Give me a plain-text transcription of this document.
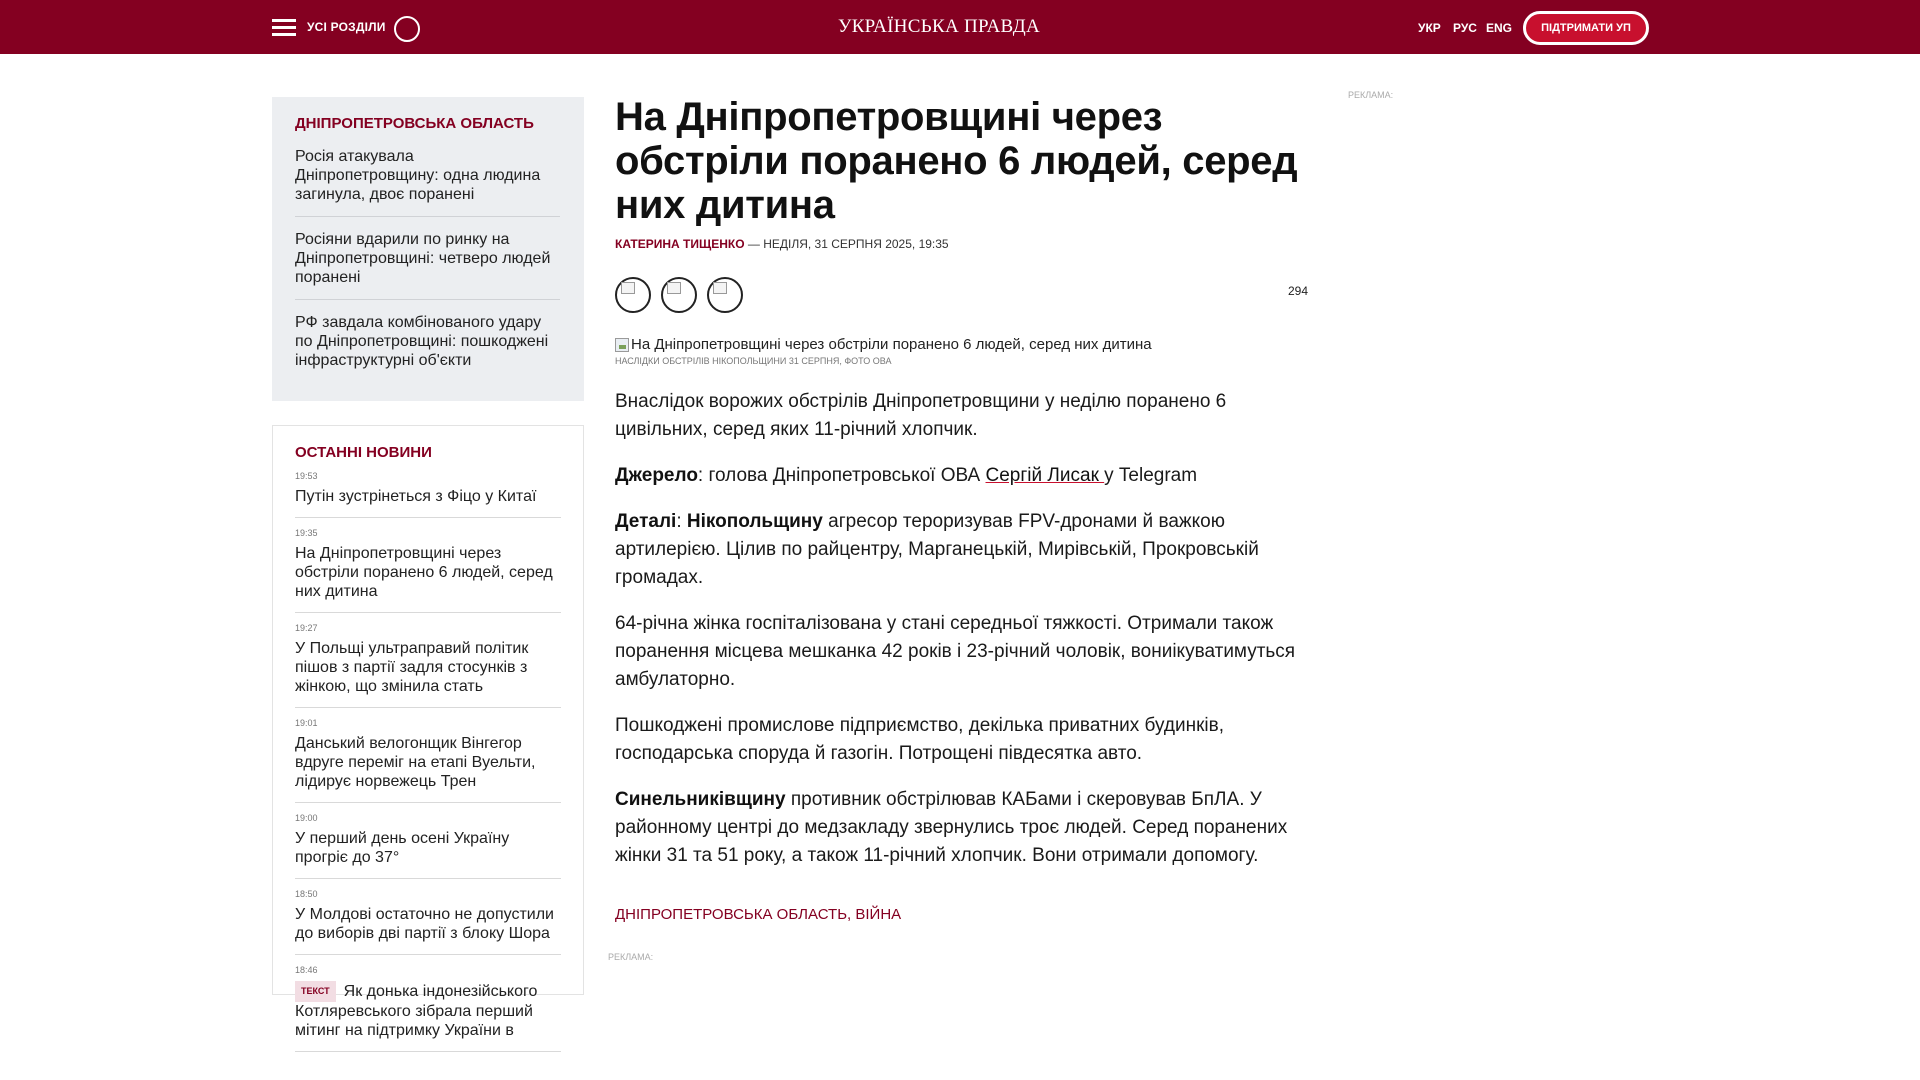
УСІ РОЗДІЛИ	УКРАЇНСЬКА ПРАВДА	УКР РУС ENG	ПІДТРИМАТИ УП
ДНІПРОПЕТРОВСЬКА ОБЛАСТЬ
Росія атакувала Дніпропетровщину: одна людина загинула, двоє поранені
Росіяни вдарили по ринку на Дніпропетровщині: четверо людей поранені
РФ завдала комбінованого удару по Дніпропетровщині: пошкоджені інфраструктурні об'єкти
ОСТАННІ НОВИНИ
19:53
Путін зустрінеться з Фіцо у Китаї
19:35
На Дніпропетровщині через обстріли поранено 6 людей, серед них дитина
19:27
У Польщі ультраправий політик пішов з партії задля стосунків з жінкою, що змінила стать
19:01
Данський велогонщик Вінгегор вдруге переміг на етапі Вуельти, лідирує норвежець Трен
19:00
У перший день осені Україну прогріє до 37°
18:50
У Молдові остаточно не допустили до виборів дві партії з блоку Шора
18:46
ТЕКСТ Як донька індонезійського Котляревського зібрала перший мітинг на підтримку України в
На Дніпропетровщині через обстріли поранено 6 людей, серед них дитина
КАТЕРИНА ТИЩЕНКО — НЕДІЛЯ, 31 СЕРПНЯ 2025, 19:35
294
На Дніпропетровщині через обстріли поранено 6 людей, серед них дитина
НАСЛІДКИ ОБСТРІЛІВ НІКОПОЛЬЩИНИ 31 СЕРПНЯ, ФОТО ОВА

Внаслідок ворожих обстрілів Дніпропетровщини у неділю поранено 6 цивільних, серед яких 11-річний хлопчик.

Джерело: голова Дніпропетровської ОВА Сергій Лисак у Telegram

Деталі: Нікопольщину агресор тероризував FPV-дронами й важкою артилерією. Цілив по райцентру, Марганецькій, Мирівській, Прокровській громадах.

64-річна жінка госпіталізована у стані середньої тяжкості. Отримали також поранення місцева мешканка 42 років і 23-річний чоловік, вониікуватимуться амбулаторно.

Пошкоджені промислове підприємство, декілька приватних будинків, господарська споруда й газогін. Потрощені півдесятка авто.

Синельниківщину противник обстрілював КАБами і скеровував БпЛА. У районному центрі до медзакладу звернулись троє людей. Серед поранених жінки 31 та 51 року, а також 11-річний хлопчик. Вони отримали допомогу.

ДНІПРОПЕТРОВСЬКА ОБЛАСТЬ, ВІЙНА
РЕКЛАМА:
РЕКЛАМА:
